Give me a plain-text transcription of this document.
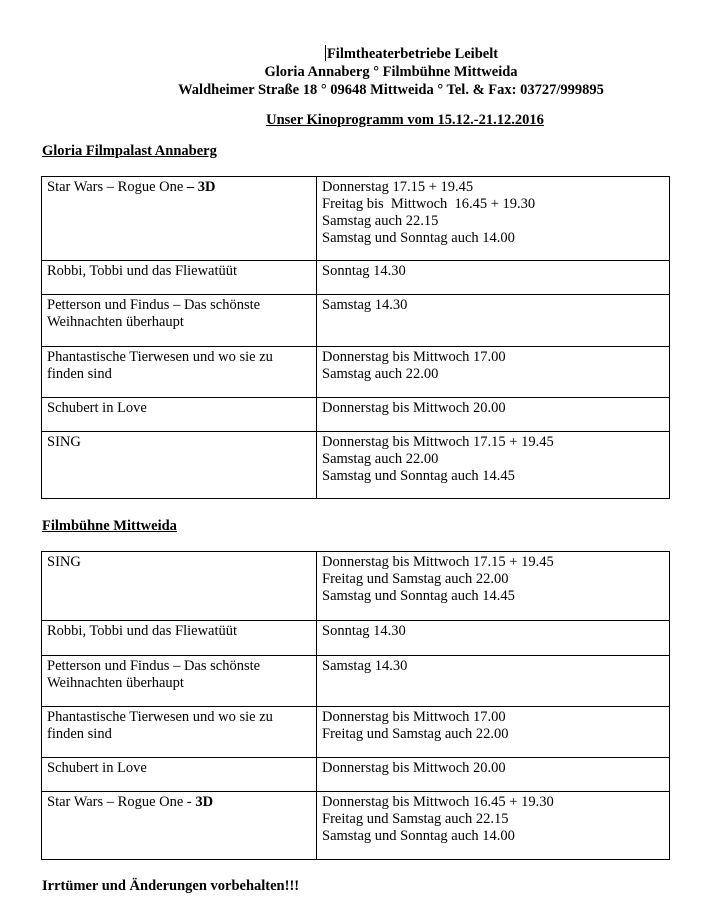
Filmtheaterbetriebe Leibelt
Gloria Annaberg ° Filmbühne Mittweida
Waldheimer Straße 18 ° 09648 Mittweida ° Tel. & Fax: 03727/999895
Unser Kinoprogramm vom 15.12.-21.12.2016
Gloria Filmpalast Annaberg
Star Wars – Rogue One – 3D	Donnerstag 17.15 + 19.45
Freitag bis  Mittwoch  16.45 + 19.30
Samstag auch 22.15
Samstag und Sonntag auch 14.00

Robbi, Tobbi und das Fliewatüüt	Sonntag 14.30

Petterson und Findus – Das schönste Weihnachten überhaupt	Samstag 14.30

Phantastische Tierwesen und wo sie zu finden sind	Donnerstag bis Mittwoch 17.00
Samstag auch 22.00

Schubert in Love	Donnerstag bis Mittwoch 20.00

SING	Donnerstag bis Mittwoch 17.15 + 19.45
Samstag auch 22.00
Samstag und Sonntag auch 14.45
Filmbühne Mittweida
SING	Donnerstag bis Mittwoch 17.15 + 19.45
Freitag und Samstag auch 22.00
Samstag und Sonntag auch 14.45

Robbi, Tobbi und das Fliewatüüt	Sonntag 14.30

Petterson und Findus – Das schönste Weihnachten überhaupt	Samstag 14.30

Phantastische Tierwesen und wo sie zu finden sind	Donnerstag bis Mittwoch 17.00
Freitag und Samstag auch 22.00

Schubert in Love	Donnerstag bis Mittwoch 20.00

Star Wars – Rogue One - 3D	Donnerstag bis Mittwoch 16.45 + 19.30
Freitag und Samstag auch 22.15
Samstag und Sonntag auch 14.00
Irrtümer und Änderungen vorbehalten!!!
